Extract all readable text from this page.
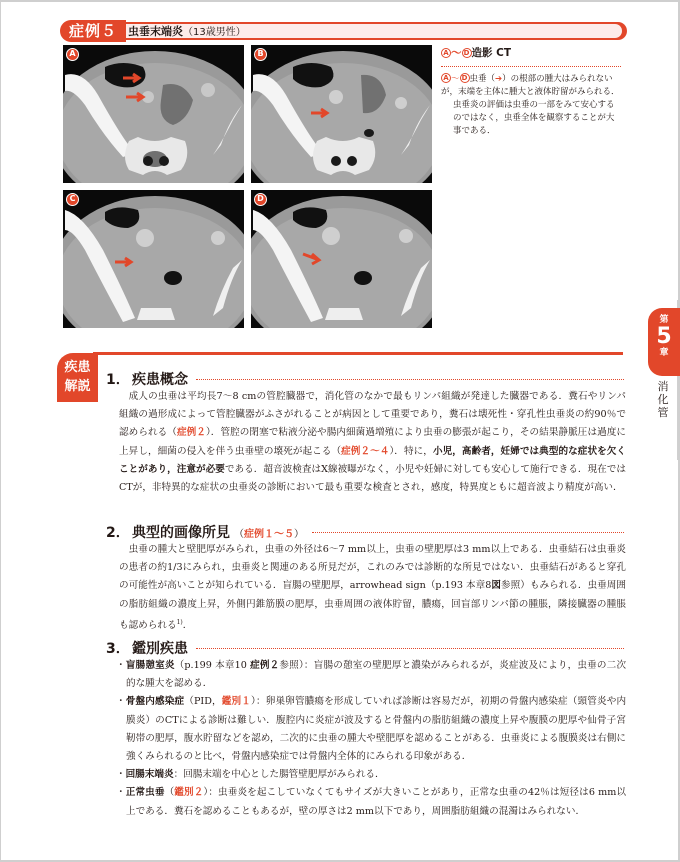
虫垂末端炎（13歳男性）
症例５
A	B
C	D
A 〜 D 造影 CT
A 〜 D 虫垂（➔）の根部の腫大はみられないが，末端を主体に腫大と液体貯留がみられる．
虫垂炎の評価は虫垂の一部をみて安心するのではなく，虫垂全体を観察することが大事である．
第
5
章
消化管
疾患
解説	1． 疾患概念

成人の虫垂は平均長7〜8 cmの管腔臓器で，消化管のなかで最もリンパ組織が発達した臓器である．糞石やリンパ組織の過形成によって管腔臓器がふさがれることが病因として重要であり，糞石は壊死性・穿孔性虫垂炎の約90％で認められる（症例２）．管腔の閉塞で粘液分泌や腸内細菌過増殖により虫垂の膨張が起こり，その結果静脈圧は過度に上昇し，細菌の侵入を伴う虫垂壁の壊死が起こる（症例２〜４）．特に，小児，高齢者，妊婦では典型的な症状を欠くことがあり，注意が必要である．超音波検査はX線被曝がなく，小児や妊婦に対しても安心して施行できる．現在ではCTが，非特異的な症状の虫垂炎の診断において最も重要な検査とされ，感度，特異度ともに超音波より精度が高い．

2． 典型的画像所見 （症例１〜５）

虫垂の腫大と壁肥厚がみられ，虫垂の外径は6〜7 mm以上，虫垂の壁肥厚は3 mm以上である．虫垂結石は虫垂炎の患者の約1/3にみられ，虫垂炎と関連のある所見だが，これのみでは診断的な所見ではない．虫垂結石があると穿孔の可能性が高いことが知られている．盲腸の壁肥厚，arrowhead sign（p.193 本章8図参照）もみられる．虫垂周囲の脂肪組織の濃度上昇，外側円錐筋膜の肥厚，虫垂周囲の液体貯留，膿瘍，回盲部リンパ節の腫脹，隣接臓器の腫脹も認められる$^{1)}$．

3． 鑑別疾患
・盲腸憩室炎（p.199 本章10 症例２参照）：盲腸の憩室の壁肥厚と濃染がみられるが，炎症波及により，虫垂の二次的な腫大を認める．
・骨盤内感染症（PID，鑑別１）：卵巣卵管膿瘍を形成していれば診断は容易だが，初期の骨盤内感染症（頸管炎や内膜炎）のCTによる診断は難しい．腹腔内に炎症が波及すると骨盤内の脂肪組織の濃度上昇や腹膜の肥厚や仙骨子宮靭帯の肥厚，腹水貯留などを認め，二次的に虫垂の腫大や壁肥厚を認めることがある．虫垂炎による腹膜炎は右側に強くみられるのと比べ，骨盤内感染症では骨盤内全体的にみられる印象がある．
・回腸末端炎：回腸末端を中心とした腸管壁肥厚がみられる．
・正常虫垂（鑑別２）：虫垂炎を起こしていなくてもサイズが大きいことがあり，正常な虫垂の42％は短径は6 mm以上である．糞石を認めることもあるが，壁の厚さは2 mm以下であり，周囲脂肪組織の混濁はみられない．
